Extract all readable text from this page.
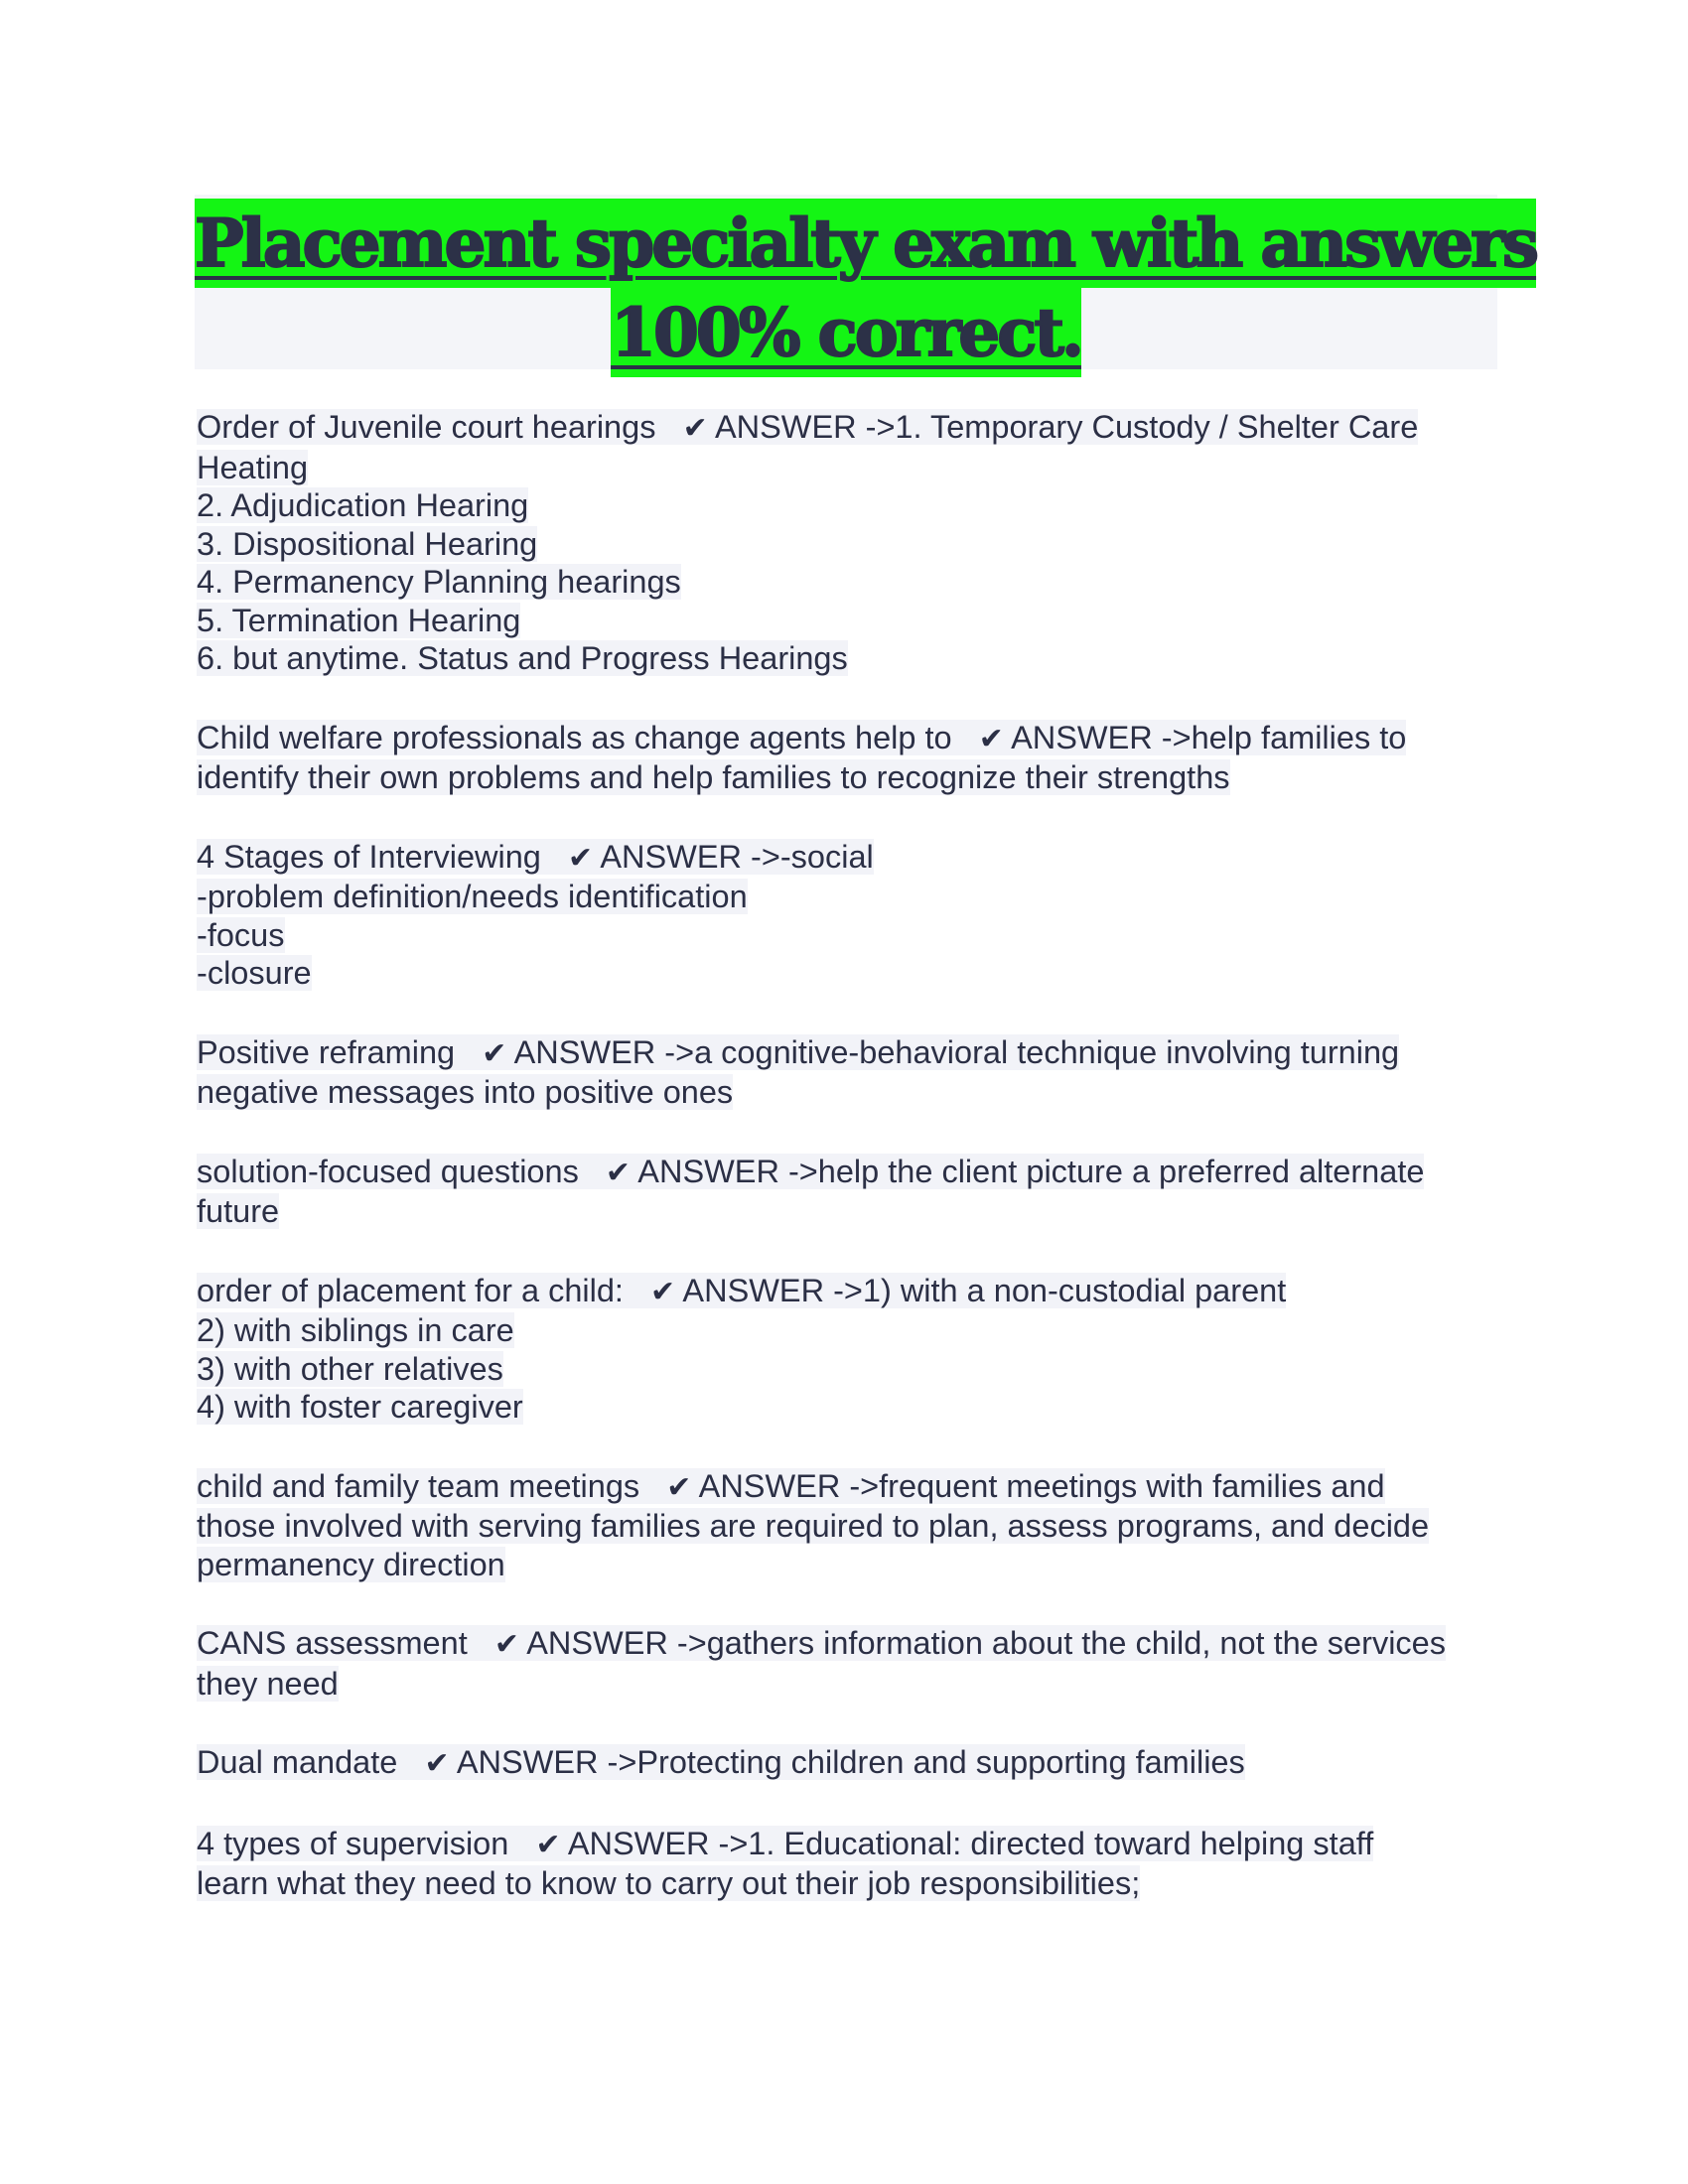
Placement specialty exam with answers
100% correct.
Order of Juvenile court hearings ✔ ANSWER ->1. Temporary Custody / Shelter Care
Heating
2. Adjudication Hearing
3. Dispositional Hearing
4. Permanency Planning hearings
5. Termination Hearing
6. but anytime. Status and Progress Hearings
Child welfare professionals as change agents help to ✔ ANSWER ->help families to
identify their own problems and help families to recognize their strengths
4 Stages of Interviewing ✔ ANSWER ->-social
-problem definition/needs identification
-focus
-closure
Positive reframing ✔ ANSWER ->a cognitive-behavioral technique involving turning
negative messages into positive ones
solution-focused questions ✔ ANSWER ->help the client picture a preferred alternate
future
order of placement for a child: ✔ ANSWER ->1) with a non-custodial parent
2) with siblings in care
3) with other relatives
4) with foster caregiver
child and family team meetings ✔ ANSWER ->frequent meetings with families and
those involved with serving families are required to plan, assess programs, and decide
permanency direction
CANS assessment ✔ ANSWER ->gathers information about the child, not the services
they need
Dual mandate ✔ ANSWER ->Protecting children and supporting families
4 types of supervision ✔ ANSWER ->1. Educational: directed toward helping staff
learn what they need to know to carry out their job responsibilities;
